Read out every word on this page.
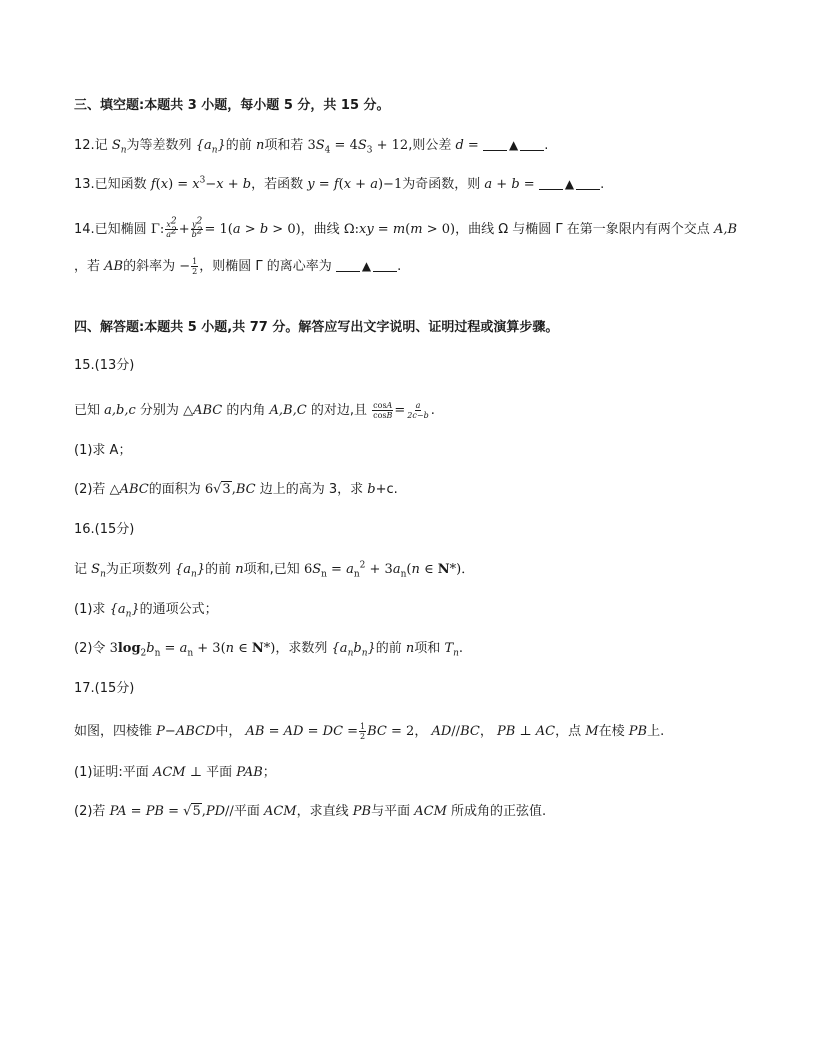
三、填空题:本题共 3 小题，每小题 5 分，共 15 分。
12.记 $S_n$为等差数列 $\{a_n\}$的前 n项和若 $3S_4 = 4S_3 + 12$,则公差 d = ▲ .
13.已知函数 $f(x) = x^3-x + b$，若函数 y = f(x + a)−1为奇函数，则 a + b = ▲ .
14.已知椭圆 Γ: $\frac{x^2}{a^2} + \frac{y^2}{b^2} = 1(a > b > 0)$，曲线 Ω:xy = m(m > 0)，曲线 Ω 与椭圆 Γ 在第一象限内有两个交点 A,B
，若 AB的斜率为 − $\frac{1}{2}$ ，则椭圆 Γ 的离心率为	▲ .
四、解答题:本题共 5 小题,共 77 分。解答应写出文字说明、证明过程或演算步骤。
15.(13分)
已知 a,b,c 分别为 △ABC 的内角 A,B,C 的对边,且 $\frac{\cos A}{\cos B} = \frac{a}{2c-b}$ .
(1)求 A；
(2)若 △ABC的面积为 6√3,BC 边上的高为 3，求 b+c.
16.(15分)
记 $S_n$为正项数列 $\{a_n\}$的前 n项和,已知 $6S_n = a_n^2 + 3a_n(n$ ∈ N*)．
(1)求 $\{a_n\}$的通项公式；
(2)令 $3\log_2b_n = a_n + 3(n$ ∈ N*)，求数列 $\{a_nb_n\}$的前 n项和 $T_n$.
17.(15分)
如图，四棱锥 P−ABCD中， AB = AD = DC = $\frac{1}{2}$ BC = 2， AD//BC， PB ⊥ AC，点 M在棱 PB上.
(1)证明:平面 ACM ⊥ 平面 PAB；
(2)若 PA = PB = √5,PD//平面 ACM，求直线 PB与平面 ACM 所成角的正弦值.
